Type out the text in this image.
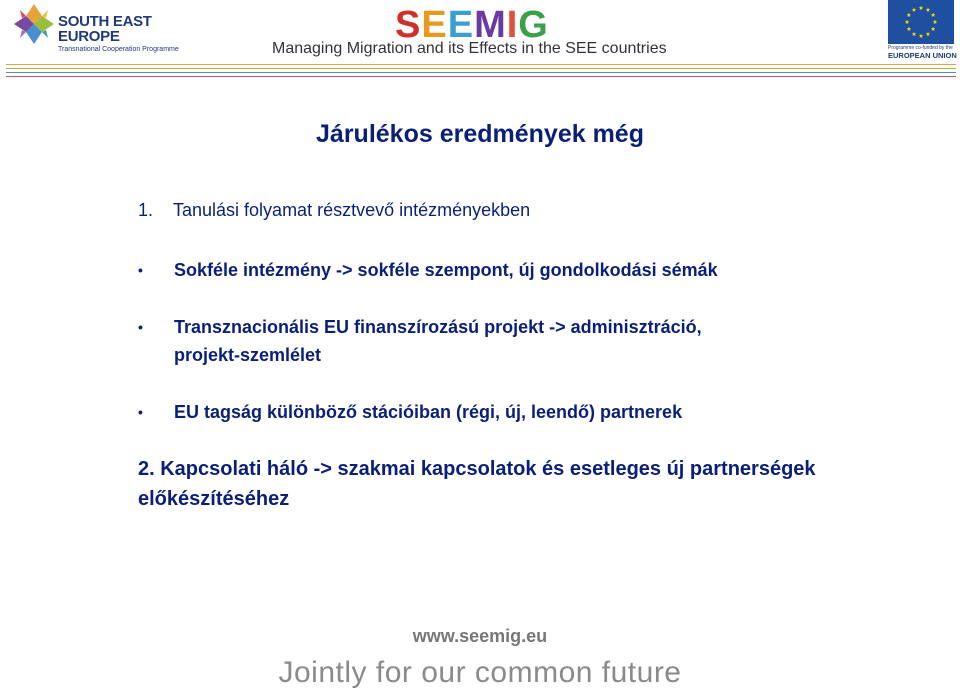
SOUTH EAST
EUROPE
Transnational Cooperation Programme
SEEMIG
Managing Migration and its Effects in the SEE countries	Programme co-funded by the
EUROPEAN UNION
Járulékos eredmények még
1. Tanulási folyamat résztvevő intézményekben
• Sokféle intézmény -> sokféle szempont, új gondolkodási sémák
• Transznacionális EU finanszírozású projekt -> adminisztráció,
projekt-szemlélet
• EU tagság különböző stációiban (régi, új, leendő) partnerek
2. Kapcsolati háló -> szakmai kapcsolatok és esetleges új partnerségek
előkészítéséhez
www.seemig.eu
Jointly for our common future
